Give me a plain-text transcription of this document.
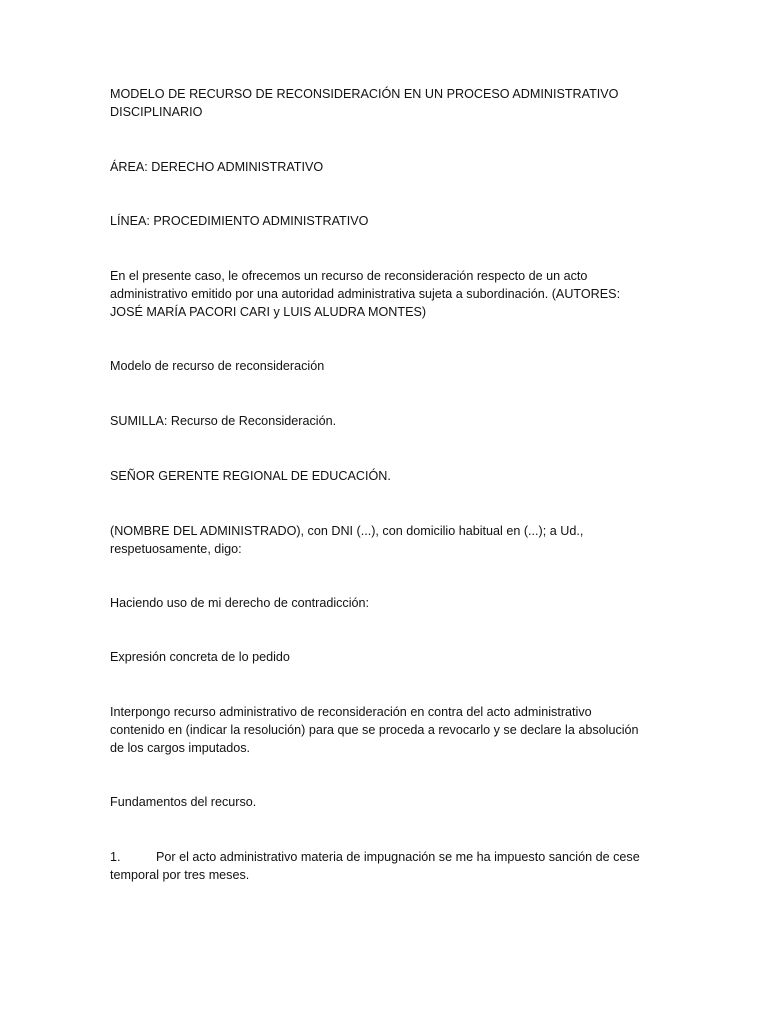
MODELO DE RECURSO DE RECONSIDERACIÓN EN UN PROCESO ADMINISTRATIVO
DISCIPLINARIO
ÁREA: DERECHO ADMINISTRATIVO
LÍNEA: PROCEDIMIENTO ADMINISTRATIVO
En el presente caso, le ofrecemos un recurso de reconsideración respecto de un acto
administrativo emitido por una autoridad administrativa sujeta a subordinación. (AUTORES:
JOSÉ MARÍA PACORI CARI y LUIS ALUDRA MONTES)
Modelo de recurso de reconsideración
SUMILLA: Recurso de Reconsideración.
SEÑOR GERENTE REGIONAL DE EDUCACIÓN.
(NOMBRE DEL ADMINISTRADO), con DNI (...), con domicilio habitual en (...); a Ud.,
respetuosamente, digo:
Haciendo uso de mi derecho de contradicción:
Expresión concreta de lo pedido
Interpongo recurso administrativo de reconsideración en contra del acto administrativo
contenido en (indicar la resolución) para que se proceda a revocarlo y se declare la absolución
de los cargos imputados.
Fundamentos del recurso.
1.	Por el acto administrativo materia de impugnación se me ha impuesto sanción de cese
temporal por tres meses.
